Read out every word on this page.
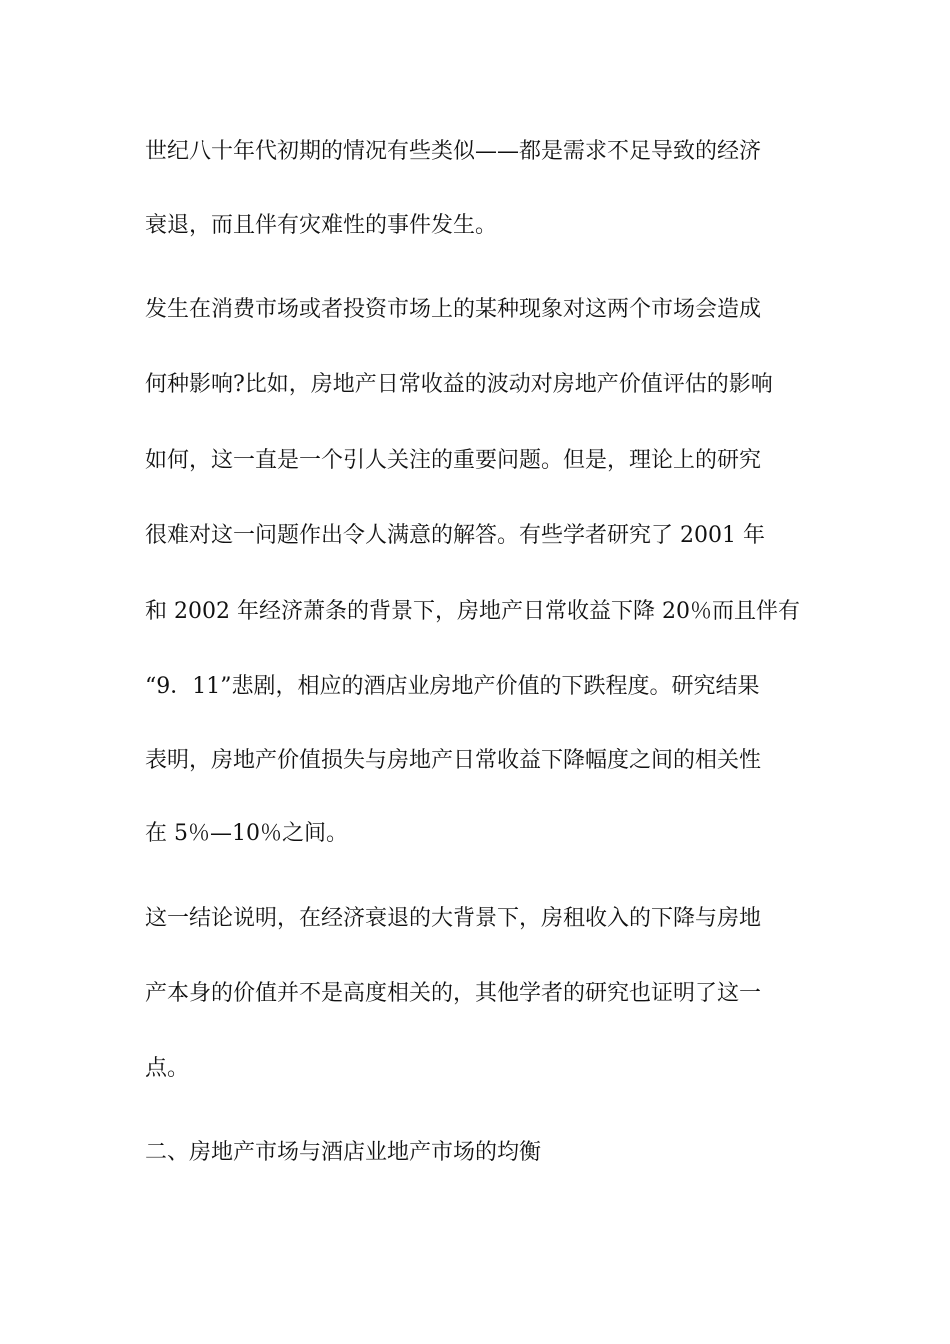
世纪八十年代初期的情况有些类似——都是需求不足导致的经济
衰退，而且伴有灾难性的事件发生。
发生在消费市场或者投资市场上的某种现象对这两个市场会造成
何种影响?比如，房地产日常收益的波动对房地产价值评估的影响
如何，这一直是一个引人关注的重要问题。但是，理论上的研究
很难对这一问题作出令人满意的解答。有些学者研究了 2001 年
和 2002 年经济萧条的背景下，房地产日常收益下降 20％而且伴有
“9．11”悲剧，相应的酒店业房地产价值的下跌程度。研究结果
表明，房地产价值损失与房地产日常收益下降幅度之间的相关性
在 5％—10％之间。
这一结论说明，在经济衰退的大背景下，房租收入的下降与房地
产本身的价值并不是高度相关的，其他学者的研究也证明了这一
点。
二、房地产市场与酒店业地产市场的均衡
